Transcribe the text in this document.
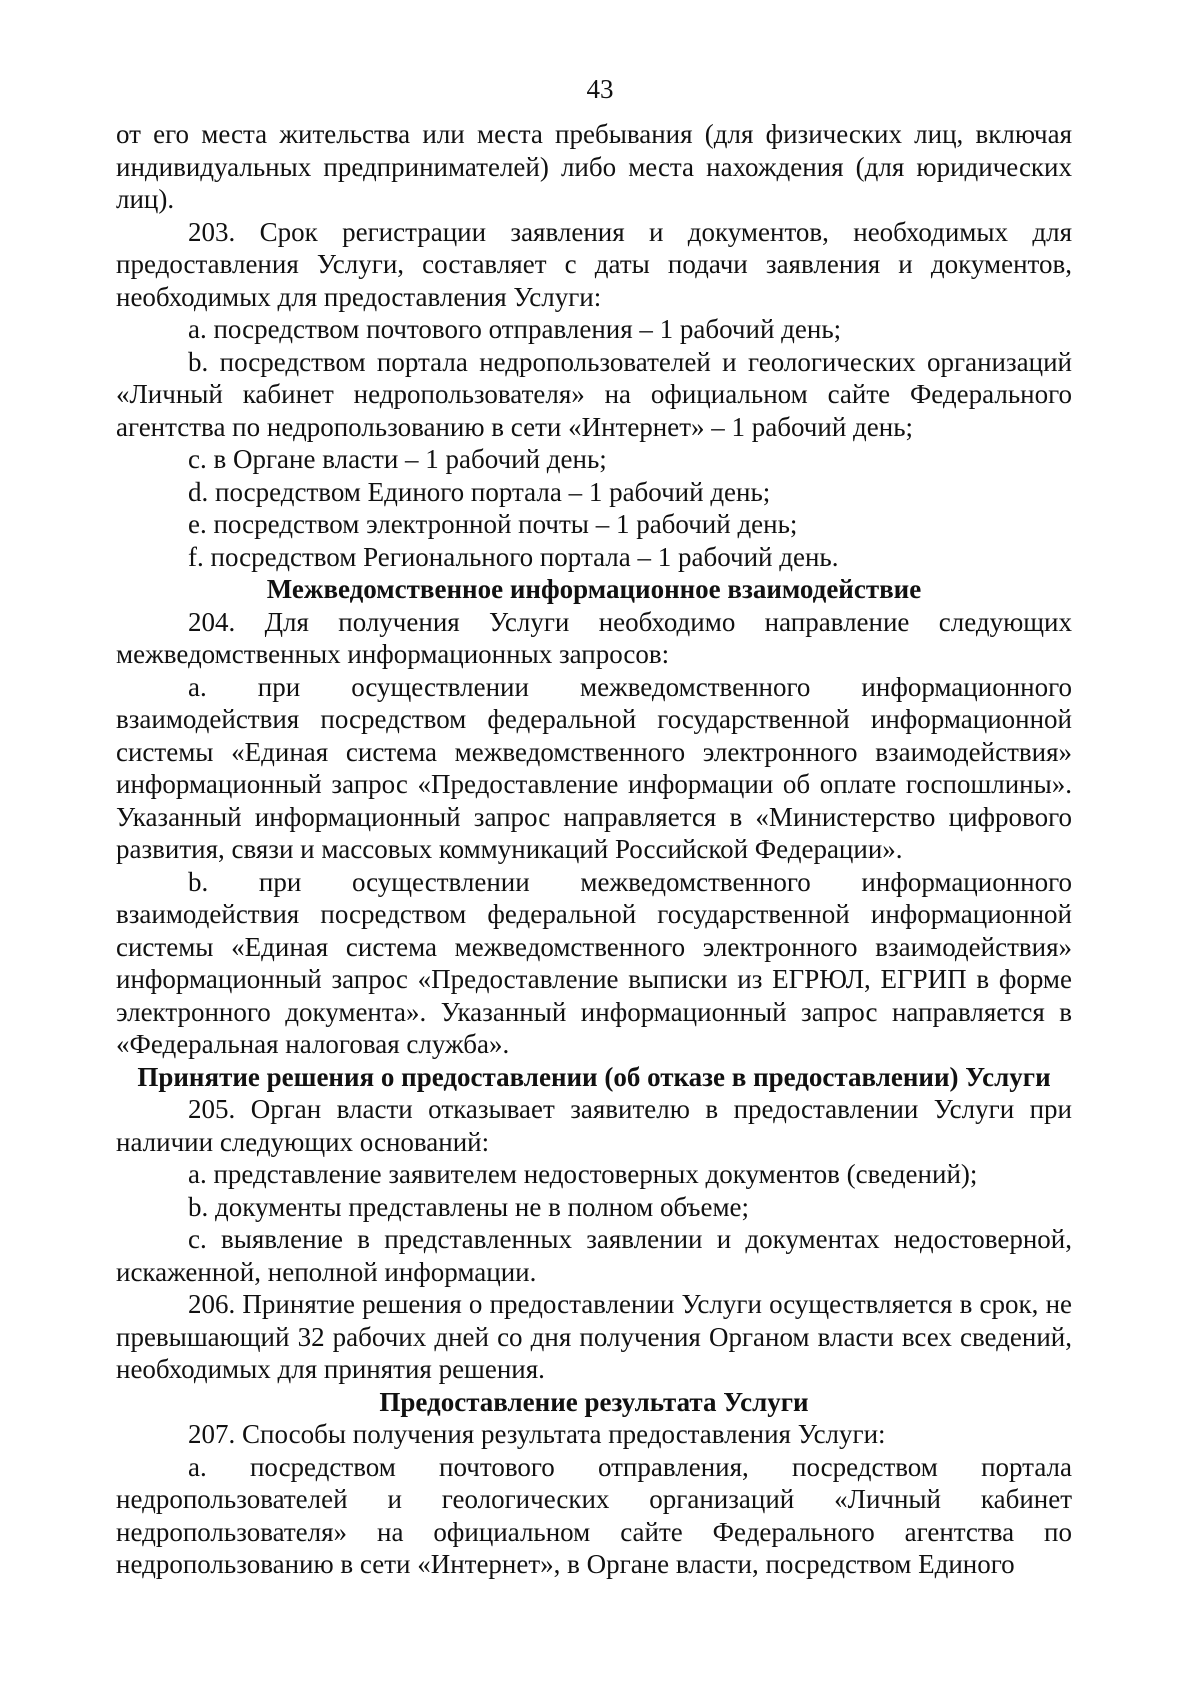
43

от его места жительства или места пребывания (для физических лиц, включая индивидуальных предпринимателей) либо места нахождения (для юридических лиц).

203. Срок регистрации заявления и документов, необходимых для предоставления Услуги, составляет с даты подачи заявления и документов, необходимых для предоставления Услуги:

a. посредством почтового отправления – 1 рабочий день;

b. посредством портала недропользователей и геологических организаций «Личный кабинет недропользователя» на официальном сайте Федерального агентства по недропользованию в сети «Интернет» – 1 рабочий день;

c. в Органе власти – 1 рабочий день;

d. посредством Единого портала – 1 рабочий день;

e. посредством электронной почты – 1 рабочий день;

f. посредством Регионального портала – 1 рабочий день.

Межведомственное информационное взаимодействие

204. Для получения Услуги необходимо направление следующих межведомственных информационных запросов:

a. при осуществлении межведомственного информационного взаимодействия посредством федеральной государственной информационной системы «Единая система межведомственного электронного взаимодействия» информационный запрос «Предоставление информации об оплате госпошлины». Указанный информационный запрос направляется в «Министерство цифрового развития, связи и массовых коммуникаций Российской Федерации».

b. при осуществлении межведомственного информационного взаимодействия посредством федеральной государственной информационной системы «Единая система межведомственного электронного взаимодействия» информационный запрос «Предоставление выписки из ЕГРЮЛ, ЕГРИП в форме электронного документа». Указанный информационный запрос направляется в «Федеральная налоговая служба».

Принятие решения о предоставлении (об отказе в предоставлении) Услуги

205. Орган власти отказывает заявителю в предоставлении Услуги при наличии следующих оснований:

a. представление заявителем недостоверных документов (сведений);

b. документы представлены не в полном объеме;

c. выявление в представленных заявлении и документах недостоверной, искаженной, неполной информации.

206. Принятие решения о предоставлении Услуги осуществляется в срок, не превышающий 32 рабочих дней со дня получения Органом власти всех сведений, необходимых для принятия решения.

Предоставление результата Услуги

207. Способы получения результата предоставления Услуги:

a. посредством почтового отправления, посредством портала недропользователей и геологических организаций «Личный кабинет недропользователя» на официальном сайте Федерального агентства по недропользованию в сети «Интернет», в Органе власти, посредством Единого
